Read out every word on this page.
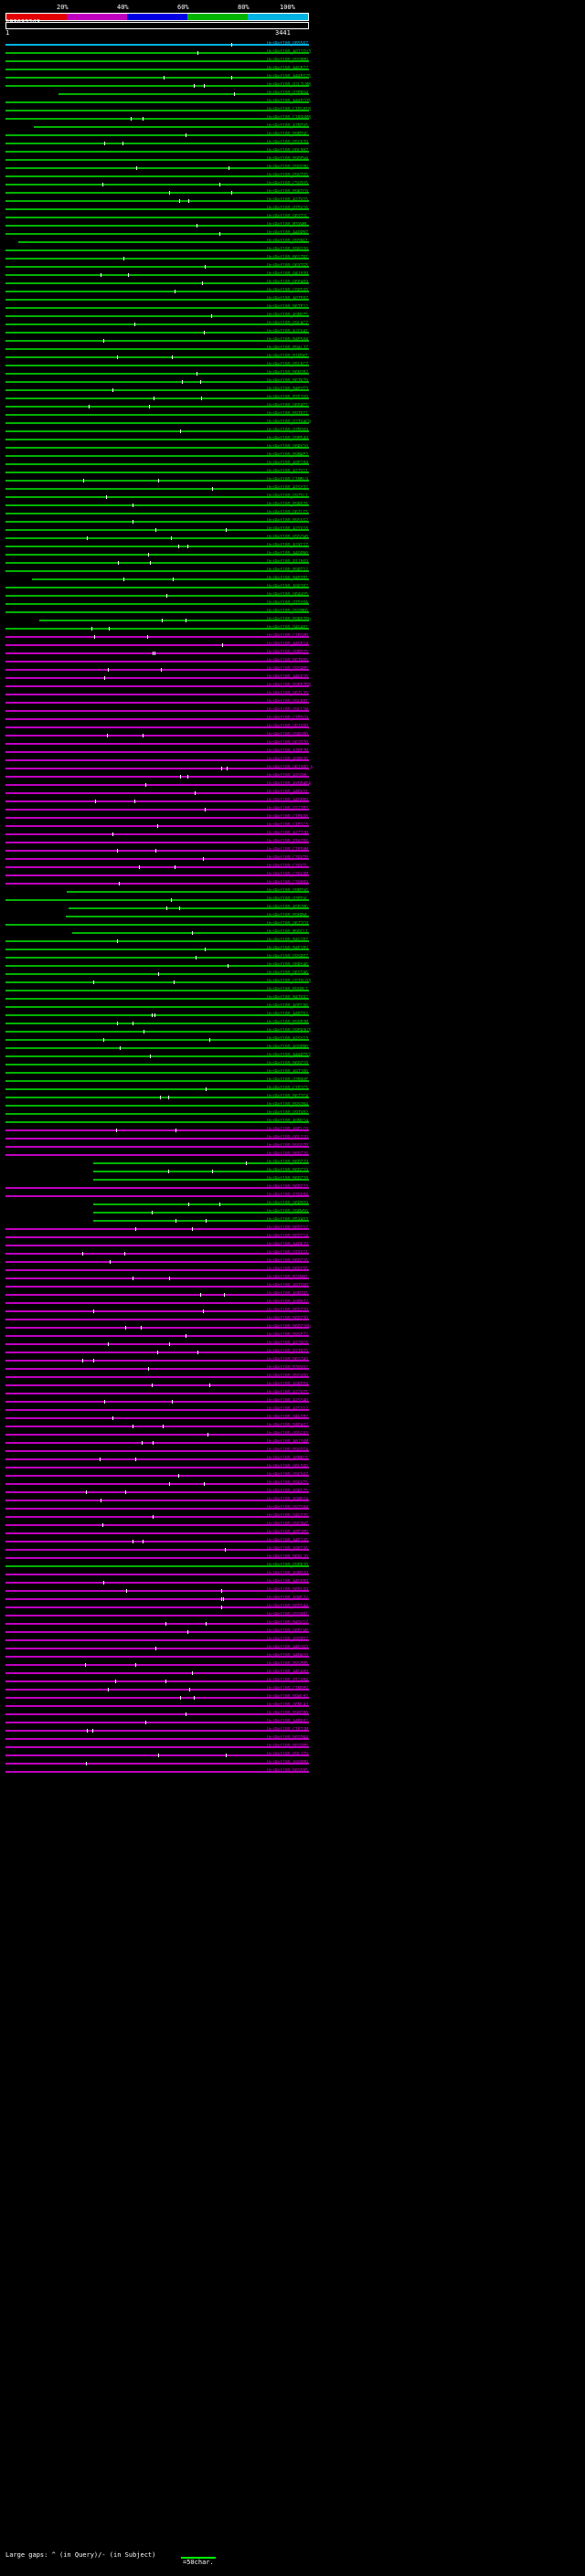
20%	40%	60%	80%	100%
1	3441
UniRef100_Q8S567
UniRef100_A0I1Tn3
UniRef100_Q9SBM9
UniRef100_A4GB27
UniRef100_A4AEO25
UniRef100_Q2L7LM8
UniRef100_Q3ERU4
UniRef100_A4AECO5
UniRef100_C1EG818
UniRef100_C1R9UM8
UniRef100_A7N7V5
UniRef100_B9M3VC
UniRef100_Q5C639
UniRef100_Q0L9H7
UniRef100_B9DFW4
UniRef100_Q9QY8R
UniRef100_Q9VZQ5
UniRef100_C5U3U5
UniRef100_B9KTC8
UniRef100_A2ZV15
UniRef100_Q75V16
UniRef100_Q6Y71L
UniRef100_M3XWML
UniRef100_A4QPN7
UniRef100_Q9SNG1
UniRef100_B9HJ38
UniRef100_B6SZRI
UniRef100_Q6XTG5
UniRef100_Q41039
UniRef100_Q6F409
UniRef100_C6PSX8
UniRef100_A0TE07
UniRef100_B6TF12
UniRef100_A9NUZ5
UniRef100_Q9LAC7
UniRef100_A2CV41
UniRef100_B4F504
UniRef100_B9ALJ7
UniRef100_B1PDK1
UniRef100_Q5L6C7
UniRef100_B6N2B2
UniRef100_B6TKZ8
UniRef100_B4FYT3
UniRef100_B7FJY0
UniRef100_Q6F4T1
UniRef100_B9T8I1
UniRef100_Q2TV4C9
UniRef100_Q7M1K9
UniRef100_Q9M549
UniRef100_Q8RV10
UniRef100_B9MAE2
UniRef100_A9F284
UniRef100_A2ZV11
UniRef100_C1MBL9
UniRef100_A2SY32
UniRef100_Q9ZSL1
UniRef100_B9R076
UniRef100_Q6ZLI5
UniRef100_B9SSS2
UniRef100_A2YX18
UniRef100_Q9SCW0
UniRef100_A2XC17
UniRef100_A4QPN0
UniRef100_P1J869
UniRef100_B9RT12
UniRef100_B4FYB1
UniRef100_A9PJ02
UniRef100_Q6AVU5
UniRef100_Q75Y0A
UniRef100_Q9SMK6
UniRef100_B9R076b
UniRef100_Q4G401
UniRef100_C1EGM8
UniRef100_A4GB14
UniRef100_Q9M325
UniRef100_B6TN88
UniRef100_Q9SRM5
UniRef100_A4GP18
UniRef100_B9EB7B8
UniRef100_Q6ZL35
UniRef100_Q9LRB1
UniRef100_Q9LC1W
UniRef100_C1EDC9
UniRef100_UP1000_
UniRef100_Q9RUB0
UniRef100_Q6Z070
UniRef100_A7PE7M
UniRef100_A9B036
UniRef100_UP1000_b
UniRef100_A2SDHL
UniRef100_AYDB4F4
UniRef100_A4PV21
UniRef100_A4QPN9
UniRef100_Q2Z3B3
UniRef100_C1FKQ8
UniRef100_C1FIC3
UniRef100_A2Z72R
UniRef100_P16708
UniRef100_C1E5HM
UniRef100_C3GVTB
UniRef100_C3GVTL
UniRef100_C3GV8M
UniRef100_C3GH09
UniRef100_Q9M3V6
UniRef100_Q3EDVL
UniRef100_A5B2MG
UniRef100_B9HPWL
UniRef100_Q6Z2C8
UniRef100_M9DCL1
UniRef100_B4G2P7
UniRef100_B4F1BV
UniRef100_Q9SRP7
UniRef100_Q8RY46
UniRef100_Q6ST46
UniRef100_C6T0L03
UniRef100_B9GML1
UniRef100_B4T692
UniRef100_A0FC06
UniRef100_A4RT62
UniRef100_B9DB3M
UniRef100_Q9ER9U3
UniRef100_A2SY13
UniRef100_A9QPNB
UniRef100_A4ART62
UniRef100_B6DZ18
UniRef100_A9TJ06
UniRef100_Q3B9UE
UniRef100_C1E2C5
UniRef100_B6ZZC4
UniRef100_B9SQN4
UniRef100_Q9TV02
UniRef100_A9NU14
UniRef100_A9ELC8
UniRef100_Q6LJ1D
UniRef100_B9SDZ0
UniRef100_B6DZ26
UniRef100_B6DZ29
UniRef100_B6DZ19
UniRef100_B6DZ28
UniRef100_B6DZ23
UniRef100_P3G6B4
UniRef100_Q6P0D9
UniRef100_Q9PW56
UniRef100_B5XAD3
UniRef100_B6DZ17
UniRef100_B6DZ14
UniRef100_A4QPJ9
UniRef100_Q7XV11
UniRef100_B6DZ16
UniRef100_B6DZ56
UniRef100_B2VWH1
UniRef100_A9TOV0
UniRef100_A9NTR5
UniRef100_A9PHJ2
UniRef100_B6DZ20
UniRef100_B6DZ30
UniRef100_B6DZ28b
UniRef100_B9SEZ2
UniRef100_A2ZRC8
UniRef100_P27R25
UniRef100_B6SZ43
UniRef100_B3VVQ2
UniRef100_B9SVQ0
UniRef100_A9REE4
UniRef100_A2ZV25
UniRef100_A2SY40
UniRef100_A2SY12
UniRef100_Q4G3B2
UniRef100_B4FAQ2
UniRef100_Q9SG93
UniRef100_A8J3XM
UniRef100_B9GDI4
UniRef100_A8NPC6
UniRef100_Q6L5R0
UniRef100_Q9C567
UniRef100_B9GXT5
UniRef100_A9RS75
UniRef100_A9WDY4
UniRef100_Q9ZSH4
UniRef100_Q4G725
UniRef100_Q9C9W7
UniRef100_A8F2MS
UniRef100_A4F1V6
UniRef100_A9FIX6
UniRef100_B6DL10
UniRef100_Q9ER20
UniRef100_A9NSD9
UniRef100_A4SFB9
UniRef100_B6DLD9
UniRef100_A9WC22
UniRef100_B6DS44
UniRef100_Q9SNB1
UniRef100_B4SU17
UniRef100_Q6ELW8
UniRef100_A9VRD7
UniRef100_A4D1K9
UniRef100_A4H418
UniRef100_B9SEM5
UniRef100_A4SAP9
UniRef100_P12X04
UniRef100_C1NDH9
UniRef100_B9WLH2
UniRef100_Q6NC4J
UniRef100_B9H2B8
UniRef100_A4BR82
UniRef100_C1E7JM
UniRef100_B6SDN4
UniRef100_B6SDM5
UniRef100_Q9LJ79
UniRef100_A9QPM9
UniRef100_B6SD95
Large gaps: ^ (in Query)/- (in Subject)
=50char.
